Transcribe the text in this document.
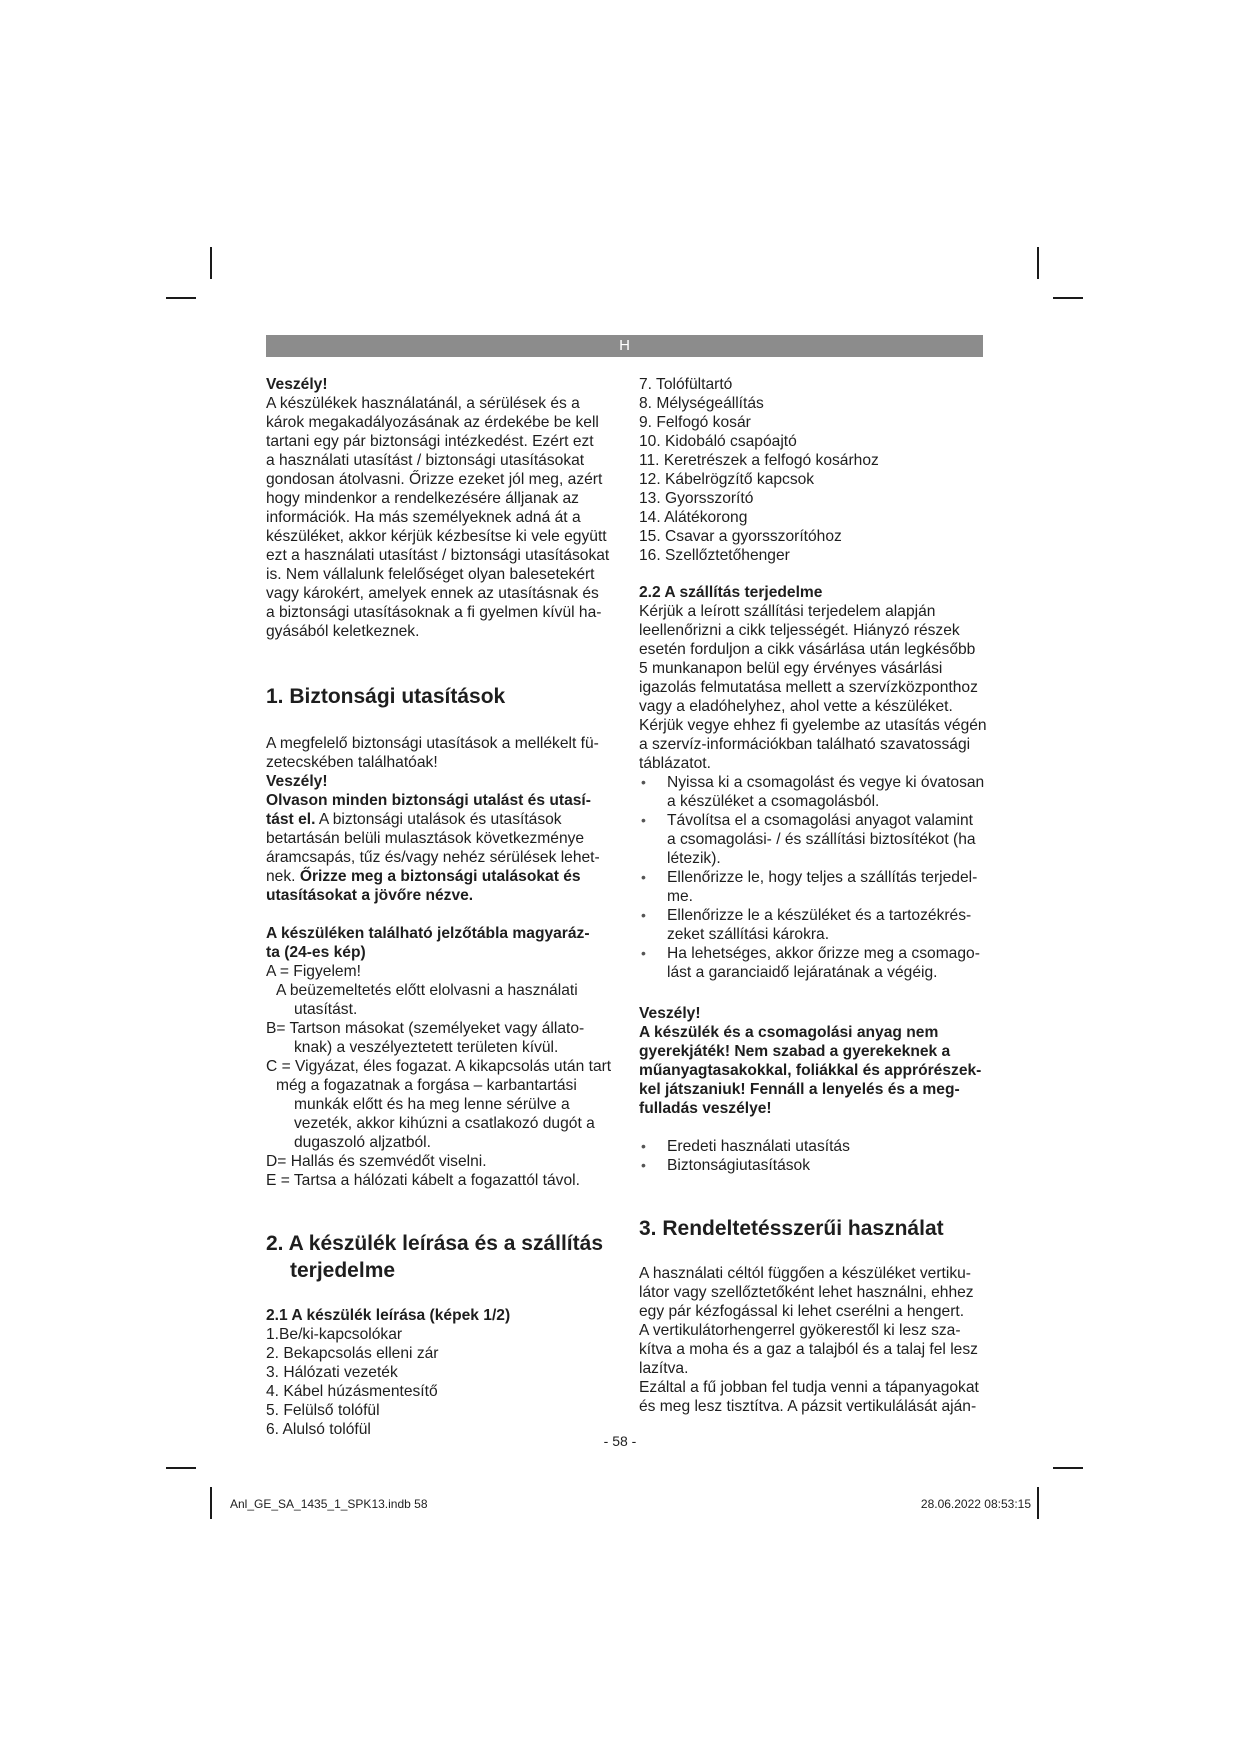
H

Veszély!

A készülékek használatánál, a sérülések és a
károk megakadályozásának az érdekébe be kell
tartani egy pár biztonsági intézkedést. Ezért ezt
a használati utasítást / biztonsági utasításokat
gondosan átolvasni. Őrizze ezeket jól meg, azért
hogy mindenkor a rendelkezésére álljanak az
információk. Ha más személyeknek adná át a
készüléket, akkor kérjük kézbesítse ki vele együtt
ezt a használati utasítást / biztonsági utasításokat
is. Nem vállalunk felelőséget olyan balesetekért
vagy károkért, amelyek ennek az utasításnak és
a biztonsági utasításoknak a fi gyelmen kívül ha-
gyásából keletkeznek.
1. Biztonsági utasítások
A megfelelő biztonsági utasítások a mellékelt fü-
zetecskében találhatóak!
Veszély!
Olvason minden biztonsági utalást és utasí-
tást el. A biztonsági utalások és utasítások
betartásán belüli mulasztások következménye
áramcsapás, tűz és/vagy nehéz sérülések lehet-
nek. Őrizze meg a biztonsági utalásokat és
utasításokat a jövőre nézve.
A készüléken található jelzőtábla magyaráz-
ta (24-es kép)
A = Figyelem!
A beüzemeltetés előtt elolvasni a használati
utasítást.
B= Tartson másokat (személyeket vagy állato-
knak) a veszélyeztetett területen kívül.
C = Vigyázat, éles fogazat. A kikapcsolás után tart
még a fogazatnak a forgása – karbantartási
munkák előtt és ha meg lenne sérülve a
vezeték, akkor kihúzni a csatlakozó dugót a
dugaszoló aljzatból.
D= Hallás és szemvédőt viselni.
E = Tartsa a hálózati kábelt a fogazattól távol.
2. A készülék leírása és a szállítás
terjedelme
2.1 A készülék leírása (képek 1/2)
1.Be/ki-kapcsolókar
2. Bekapcsolás elleni zár
3. Hálózati vezeték
4. Kábel húzásmentesítő
5. Felülső tolófül
6. Alulsó tolófül
7. Tolófültartó
8. Mélységeállítás
9. Felfogó kosár
10. Kidobáló csapóajtó
11. Keretrészek a felfogó kosárhoz
12. Kábelrögzítő kapcsok
13. Gyorsszorító
14. Alátékorong
15. Csavar a gyorsszorítóhoz
16. Szellőztetőhenger
2.2 A szállítás terjedelme
Kérjük a leírott szállítási terjedelem alapján
leellenőrizni a cikk teljességét. Hiányzó részek
esetén forduljon a cikk vásárlása után legkésőbb
5 munkanapon belül egy érvényes vásárlási
igazolás felmutatása mellett a szervízközponthoz
vagy a eladóhelyhez, ahol vette a készüléket.
Kérjük vegye ehhez fi gyelembe az utasítás végén
a szervíz-információkban található szavatossági
táblázatot.
• Nyissa ki a csomagolást és vegye ki óvatosan
a készüléket a csomagolásból.
• Távolítsa el a csomagolási anyagot valamint
a csomagolási- / és szállítási biztosítékot (ha
létezik).
• Ellenőrizze le, hogy teljes a szállítás terjedel-
me.
• Ellenőrizze le a készüléket és a tartozékrés-
zeket szállítási károkra.
• Ha lehetséges, akkor őrizze meg a csomago-
lást a garanciaidő lejáratának a végéig.
Veszély!
A készülék és a csomagolási anyag nem
gyerekjáték! Nem szabad a gyerekeknek a
műanyagtasakokkal, foliákkal és apprórészek-
kel játszaniuk! Fennáll a lenyelés és a meg-
fulladás veszélye!
• Eredeti használati utasítás
• Biztonságiutasítások
3. Rendeltetésszerűi használat
A használati céltól függően a készüléket vertiku-
látor vagy szellőztetőként lehet használni, ehhez
egy pár kézfogással ki lehet cserélni a hengert.
A vertikulátorhengerrel gyökerestől ki lesz sza-
kítva a moha és a gaz a talajból és a talaj fel lesz
lazítva.
Ezáltal a fű jobban fel tudja venni a tápanyagokat
és meg lesz tisztítva. A pázsit vertikulálását aján-
- 58 -
Anl_GE_SA_1435_1_SPK13.indb 58	28.06.2022 08:53:15
